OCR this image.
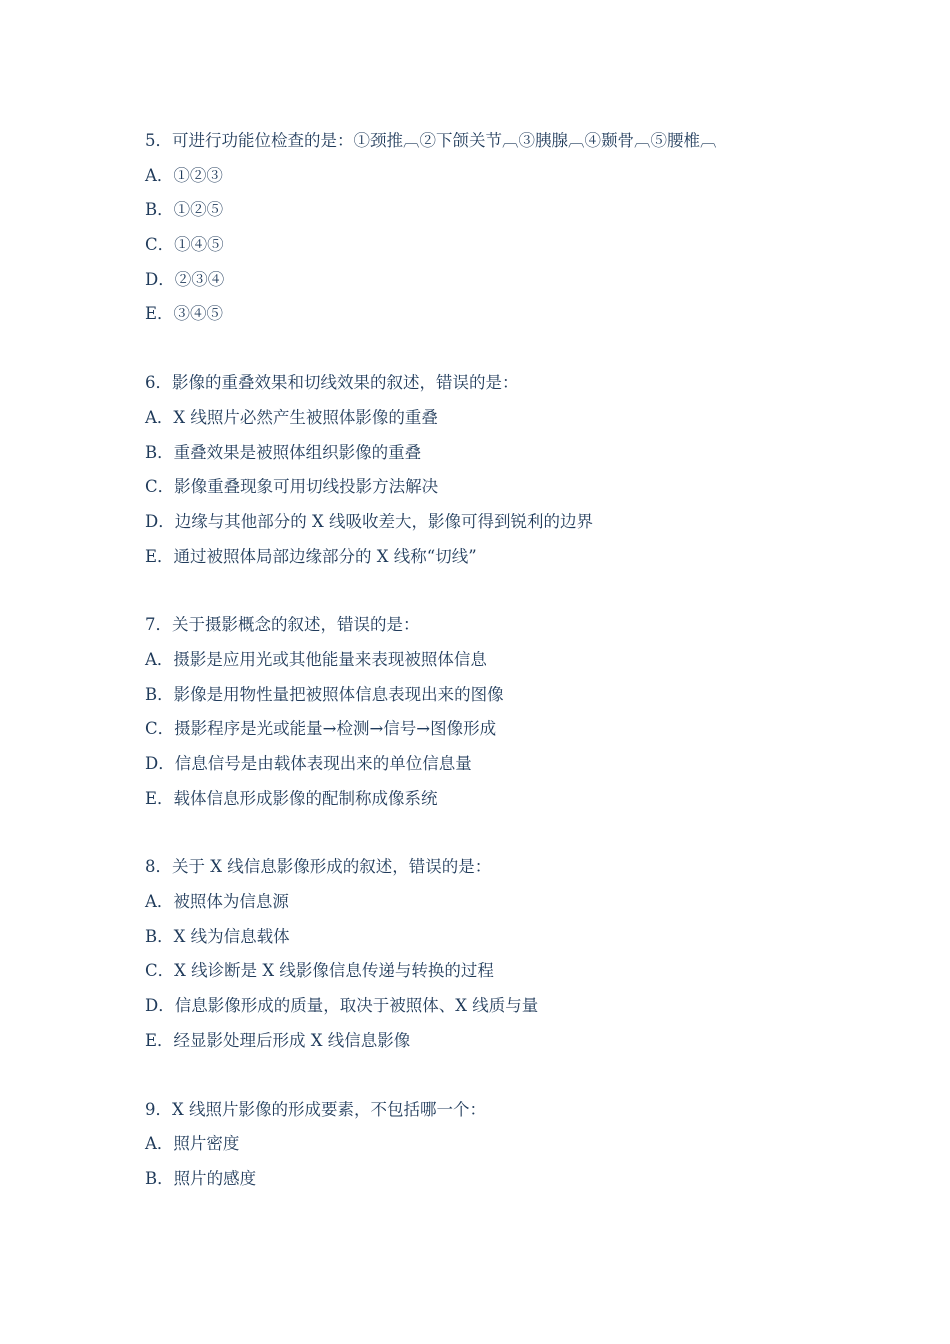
5．可进行功能位检查的是：①颈推︹②下颌关节︹③胰腺︹④颞骨︹⑤腰椎︹
A．①②③
B．①②⑤
C．①④⑤
D．②③④
E．③④⑤
6．影像的重叠效果和切线效果的叙述，错误的是：
A．X 线照片必然产生被照体影像的重叠
B．重叠效果是被照体组织影像的重叠
C．影像重叠现象可用切线投影方法解决
D．边缘与其他部分的 X 线吸收差大，影像可得到锐利的边界
E．通过被照体局部边缘部分的 X 线称“切线”
7．关于摄影概念的叙述，错误的是：
A．摄影是应用光或其他能量来表现被照体信息
B．影像是用物性量把被照体信息表现出来的图像
C．摄影程序是光或能量→检测→信号→图像形成
D．信息信号是由载体表现出来的单位信息量
E．载体信息形成影像的配制称成像系统
8．关于 X 线信息影像形成的叙述，错误的是：
A．被照体为信息源
B．X 线为信息载体
C．X 线诊断是 X 线影像信息传递与转换的过程
D．信息影像形成的质量，取决于被照体、X 线质与量
E．经显影处理后形成 X 线信息影像
9．X 线照片影像的形成要素，不包括哪一个：
A．照片密度
B．照片的感度
